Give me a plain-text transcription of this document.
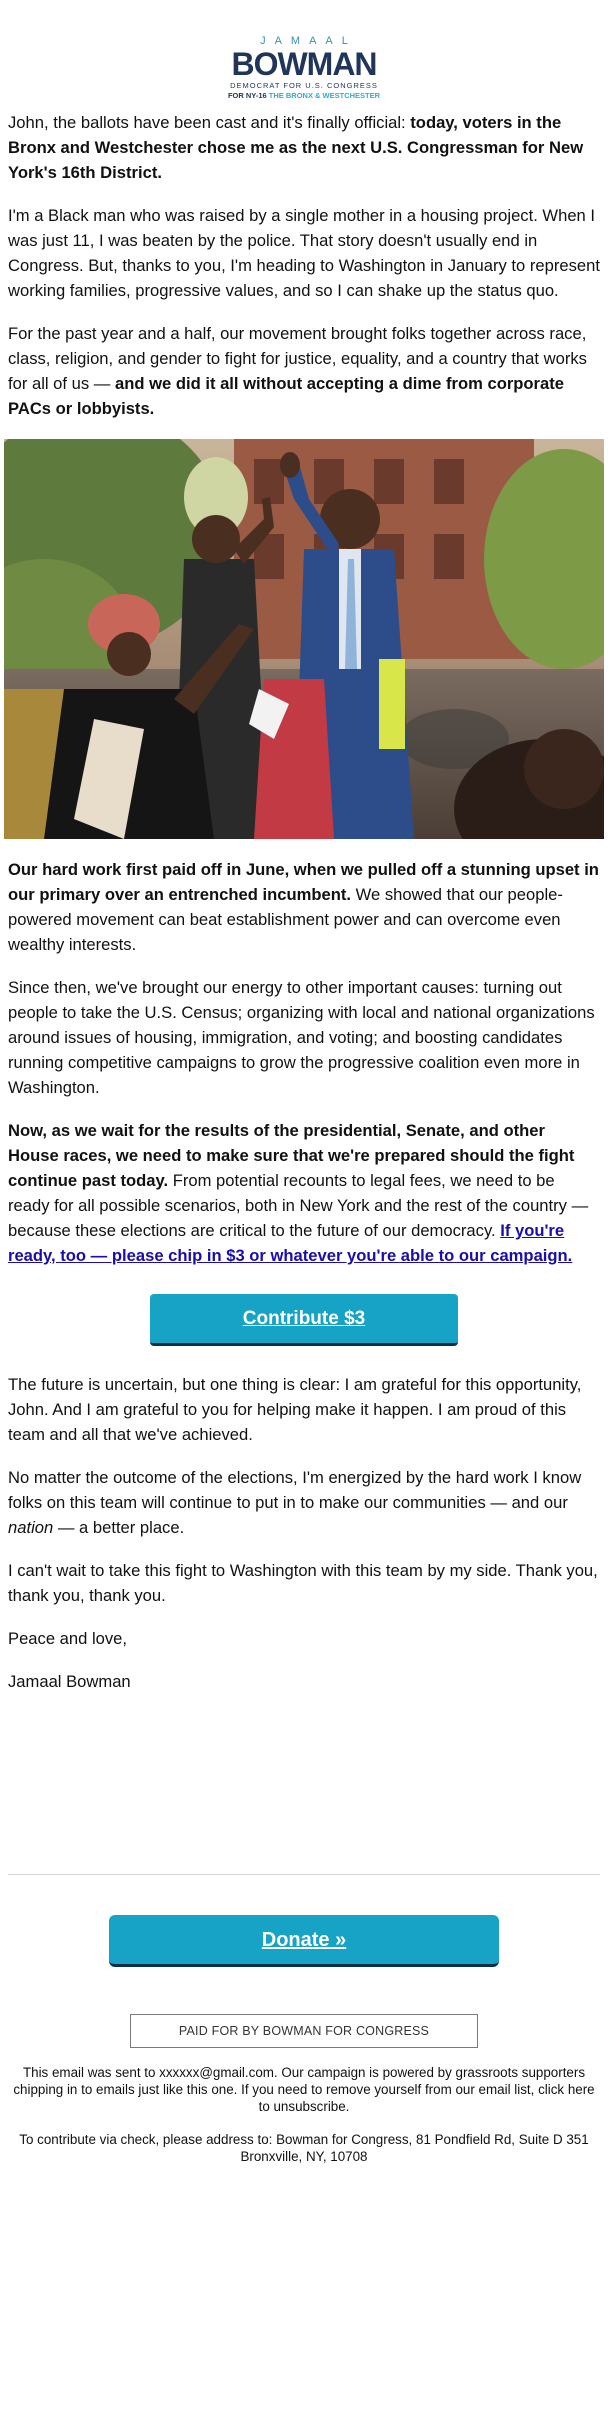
JAMAAL
BOWMAN
DEMOCRAT FOR U.S. CONGRESS
FOR NY-16 THE BRONX & WESTCHESTER

John, the ballots have been cast and it's finally official: today, voters in the Bronx and Westchester chose me as the next U.S. Congressman for New York's 16th District.

I'm a Black man who was raised by a single mother in a housing project. When I was just 11, I was beaten by the police. That story doesn't usually end in Congress. But, thanks to you, I'm heading to Washington in January to represent working families, progressive values, and so I can shake up the status quo.

For the past year and a half, our movement brought folks together across race, class, religion, and gender to fight for justice, equality, and a country that works for all of us — and we did it all without accepting a dime from corporate PACs or lobbyists.

Our hard work first paid off in June, when we pulled off a stunning upset in our primary over an entrenched incumbent. We showed that our people-powered movement can beat establishment power and can overcome even wealthy interests.

Since then, we've brought our energy to other important causes: turning out people to take the U.S. Census; organizing with local and national organizations around issues of housing, immigration, and voting; and boosting candidates running competitive campaigns to grow the progressive coalition even more in Washington.

Now, as we wait for the results of the presidential, Senate, and other House races, we need to make sure that we're prepared should the fight continue past today. From potential recounts to legal fees, we need to be ready for all possible scenarios, both in New York and the rest of the country — because these elections are critical to the future of our democracy. If you're ready, too — please chip in $3 or whatever you're able to our campaign.

Contribute $3

The future is uncertain, but one thing is clear: I am grateful for this opportunity, John. And I am grateful to you for helping make it happen. I am proud of this team and all that we've achieved.

No matter the outcome of the elections, I'm energized by the hard work I know folks on this team will continue to put in to make our communities — and our nation — a better place.

I can't wait to take this fight to Washington with this team by my side. Thank you, thank you, thank you.

Peace and love,

Jamaal Bowman

Donate »
PAID FOR BY BOWMAN FOR CONGRESS

This email was sent to xxxxxx@gmail.com. Our campaign is powered by grassroots supporters chipping in to emails just like this one. If you need to remove yourself from our email list, click here to unsubscribe.

To contribute via check, please address to: Bowman for Congress, 81 Pondfield Rd, Suite D 351 Bronxville, NY, 10708
